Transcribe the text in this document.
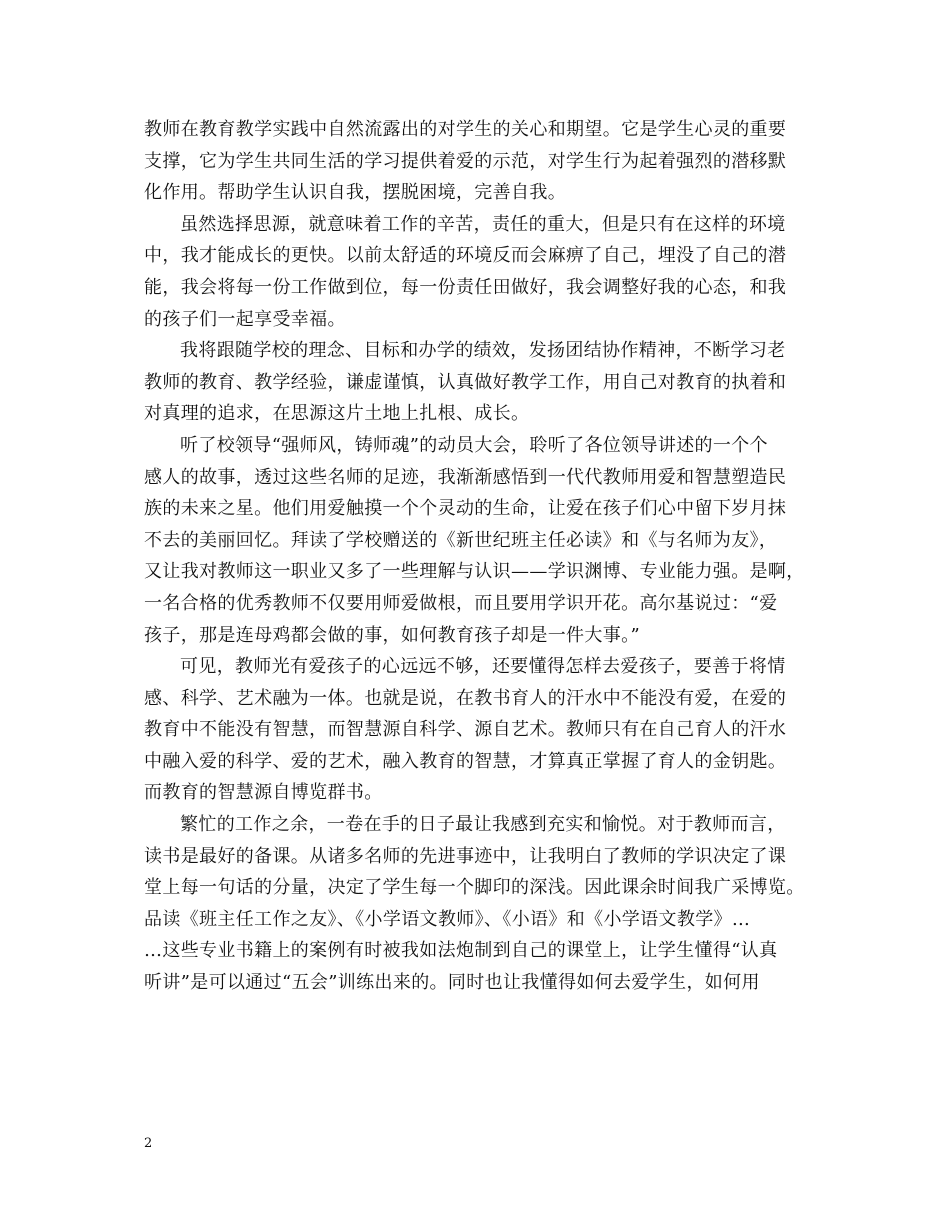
教师在教育教学实践中自然流露出的对学生的关心和期望。它是学生心灵的重要
支撑，它为学生共同生活的学习提供着爱的示范，对学生行为起着强烈的潜移默
化作用。帮助学生认识自我，摆脱困境，完善自我。
虽然选择思源，就意味着工作的辛苦，责任的重大，但是只有在这样的环境
中，我才能成长的更快。以前太舒适的环境反而会麻痹了自己，埋没了自己的潜
能，我会将每一份工作做到位，每一份责任田做好，我会调整好我的心态，和我
的孩子们一起享受幸福。
我将跟随学校的理念、目标和办学的绩效，发扬团结协作精神，不断学习老
教师的教育、教学经验，谦虚谨慎，认真做好教学工作，用自己对教育的执着和
对真理的追求，在思源这片土地上扎根、成长。
听了校领导“强师风，铸师魂”的动员大会，聆听了各位领导讲述的一个个
感人的故事，透过这些名师的足迹，我渐渐感悟到一代代教师用爱和智慧塑造民
族的未来之星。他们用爱触摸一个个灵动的生命，让爱在孩子们心中留下岁月抹
不去的美丽回忆。拜读了学校赠送的《新世纪班主任必读》和《与名师为友》，
又让我对教师这一职业又多了一些理解与认识——学识渊博、专业能力强。是啊，
一名合格的优秀教师不仅要用师爱做根，而且要用学识开花。高尔基说过：“爱
孩子，那是连母鸡都会做的事，如何教育孩子却是一件大事。”
可见，教师光有爱孩子的心远远不够，还要懂得怎样去爱孩子，要善于将情
感、科学、艺术融为一体。也就是说，在教书育人的汗水中不能没有爱，在爱的
教育中不能没有智慧，而智慧源自科学、源自艺术。教师只有在自己育人的汗水
中融入爱的科学、爱的艺术，融入教育的智慧，才算真正掌握了育人的金钥匙。
而教育的智慧源自博览群书。
繁忙的工作之余，一卷在手的日子最让我感到充实和愉悦。对于教师而言，
读书是最好的备课。从诸多名师的先进事迹中，让我明白了教师的学识决定了课
堂上每一句话的分量，决定了学生每一个脚印的深浅。因此课余时间我广采博览。
品读《班主任工作之友》、《小学语文教师》、《小语》和《小学语文教学》…
…这些专业书籍上的案例有时被我如法炮制到自己的课堂上，让学生懂得“认真
听讲”是可以通过“五会”训练出来的。同时也让我懂得如何去爱学生，如何用
2
